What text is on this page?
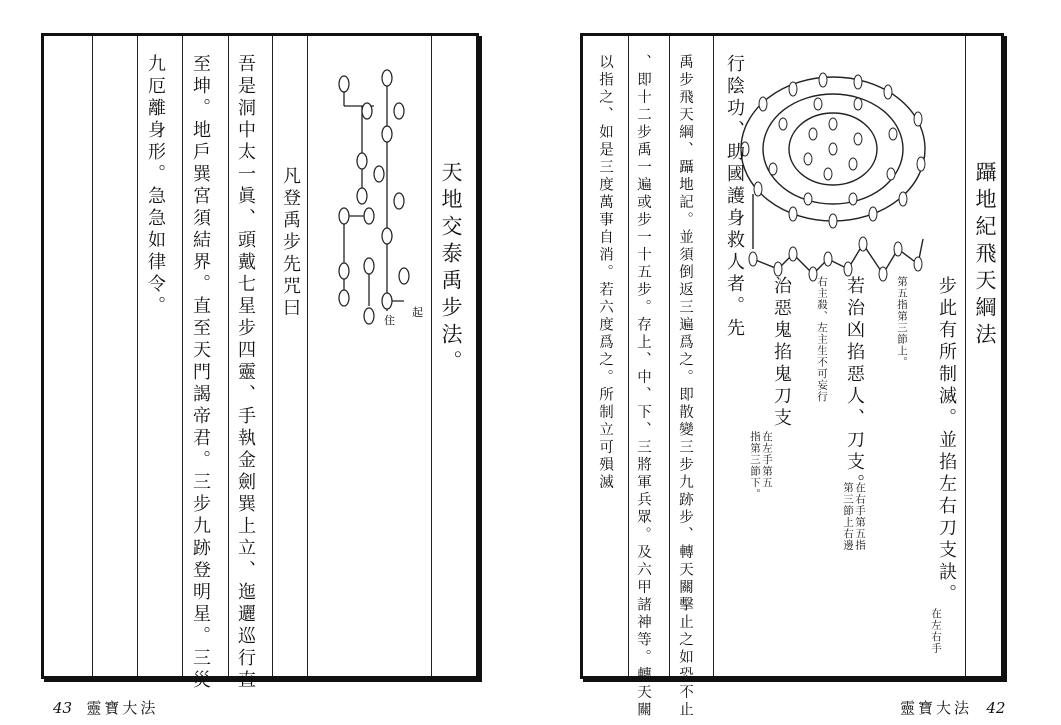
天地交泰禹步法。
起
住
凡登禹步先咒曰
吾是洞中太一眞、頭戴七星步四靈、手執金劍巽上立、迤邐巡行直
至坤。地戶巽宮須結界。直至天門謁帝君。三步九跡登明星。三災
九厄離身形。急急如律令。
43 靈寶大法
躡地紀飛天綱法
步此有所制滅。並掐左右刀支訣。
在左右手
第五指第三節上。
若治凶掐惡人、刀支。
在右手第五指
第三節上右邊
右主殺、左主生不可妄行
治惡鬼掐鬼刀支
在左手第五
指第三節下。
行陰功、助國護身救人者。先
禹步飛天綱、躡地記。並須倒返三遍爲之。即散變三步九跡步、轉天關擊止之如恐不止
、即十二步禹一遍或步一十五步。存上、中、下、三將軍兵眾。及六甲諸神等。轉天關
以指之、如是三度萬事自消。若六度爲之。所制立可殞滅
靈寶大法 42
